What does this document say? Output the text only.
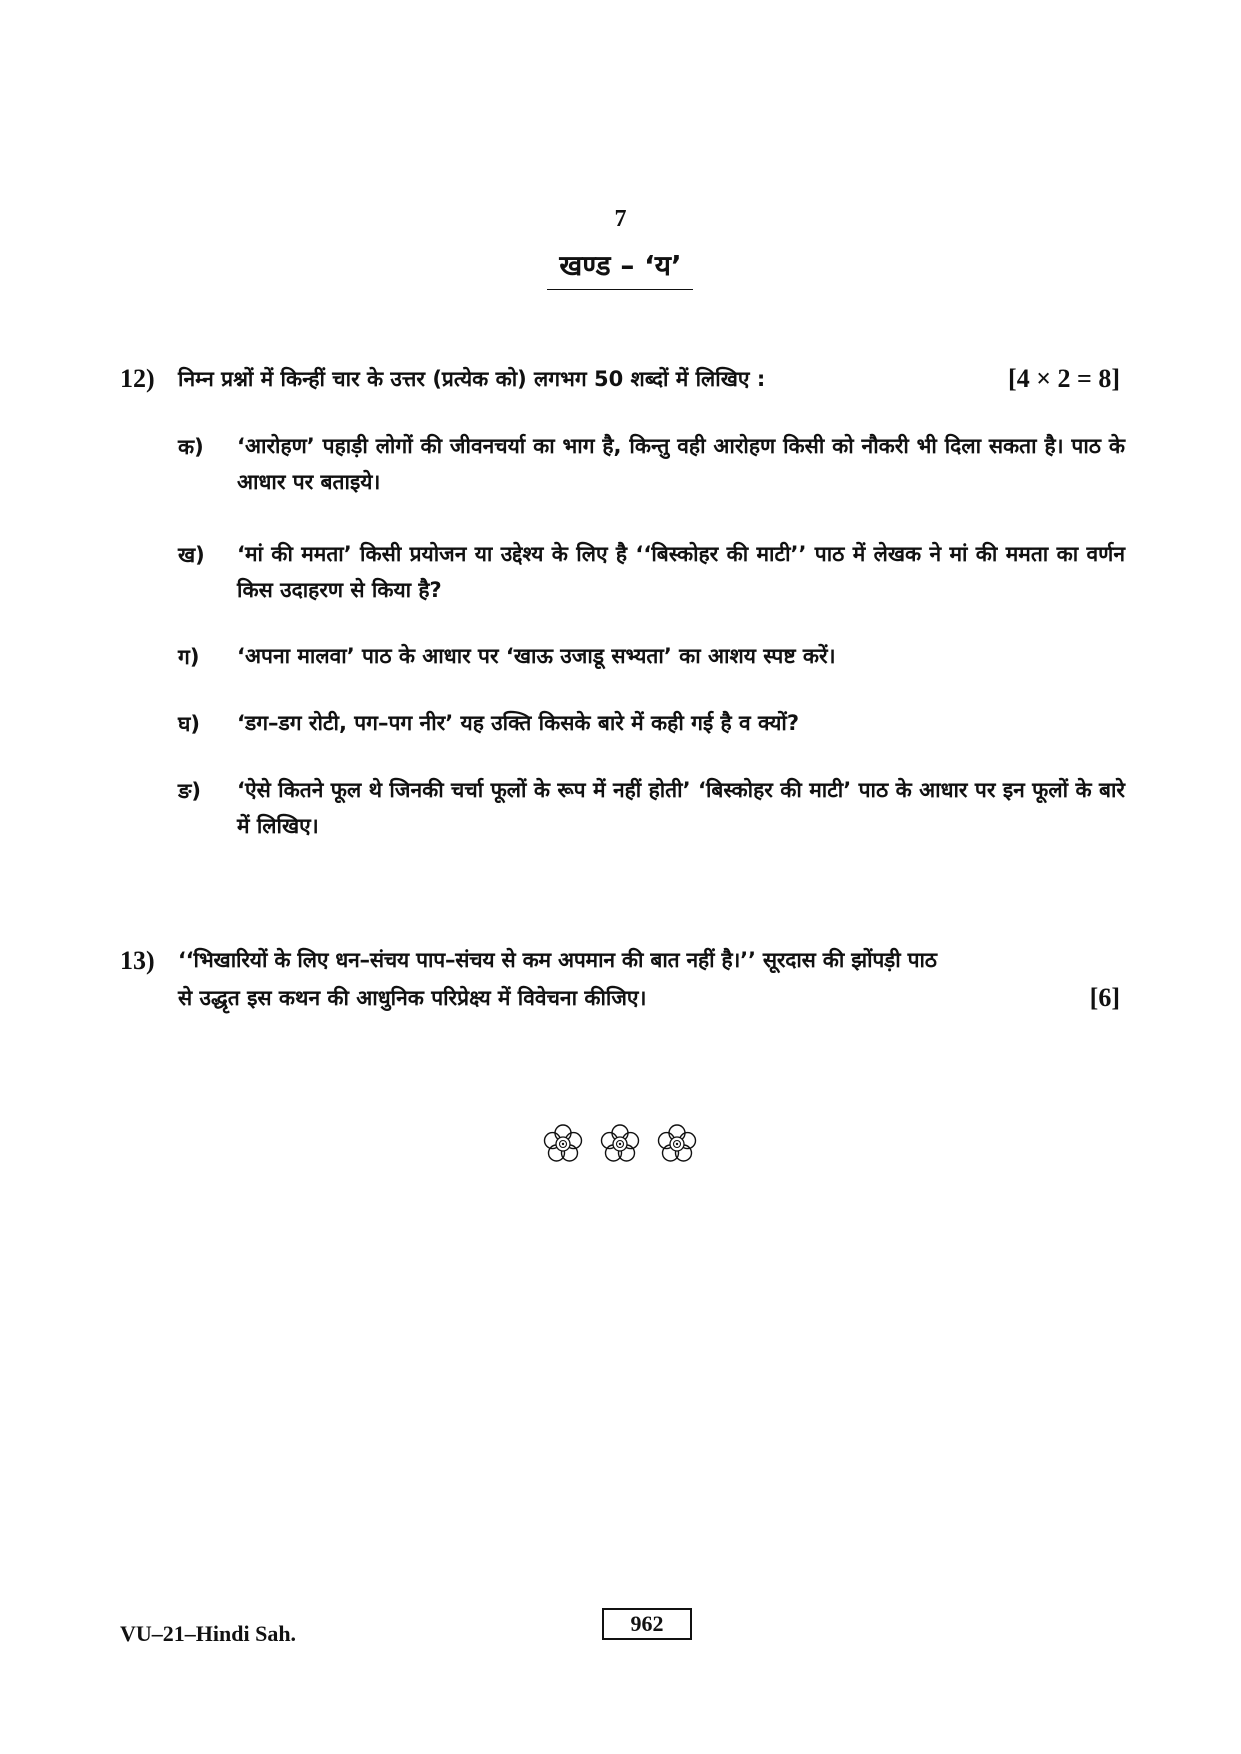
7
खण्ड – ‘य’
12) निम्न प्रश्नों में किन्हीं चार के उत्तर (प्रत्येक को) लगभग 50 शब्दों में लिखिए :	[4 × 2 = 8]
क) ‘आरोहण’ पहाड़ी लोगों की जीवनचर्या का भाग है, किन्तु वही आरोहण किसी को नौकरी भी दिला सकता है। पाठ के आधार पर बताइये।
ख) ‘मां की ममता’ किसी प्रयोजन या उद्देश्य के लिए है ‘‘बिस्कोहर की माटी’’ पाठ में लेखक ने मां की ममता का वर्णन किस उदाहरण से किया है?
ग) ‘अपना मालवा’ पाठ के आधार पर ‘खाऊ उजाडू सभ्यता’ का आशय स्पष्ट करें।
घ) ‘डग–डग रोटी, पग–पग नीर’ यह उक्ति किसके बारे में कही गई है व क्यों?
ङ) ‘ऐसे कितने फूल थे जिनकी चर्चा फूलों के रूप में नहीं होती’ ‘बिस्कोहर की माटी’ पाठ के आधार पर इन फूलों के बारे में लिखिए।
13) ‘‘भिखारियों के लिए धन–संचय पाप–संचय से कम अपमान की बात नहीं है।’’ सूरदास की झोंपड़ी पाठ
से उद्धृत इस कथन की आधुनिक परिप्रेक्ष्य में विवेचना कीजिए।	[6]
VU–21–Hindi Sah.	962
